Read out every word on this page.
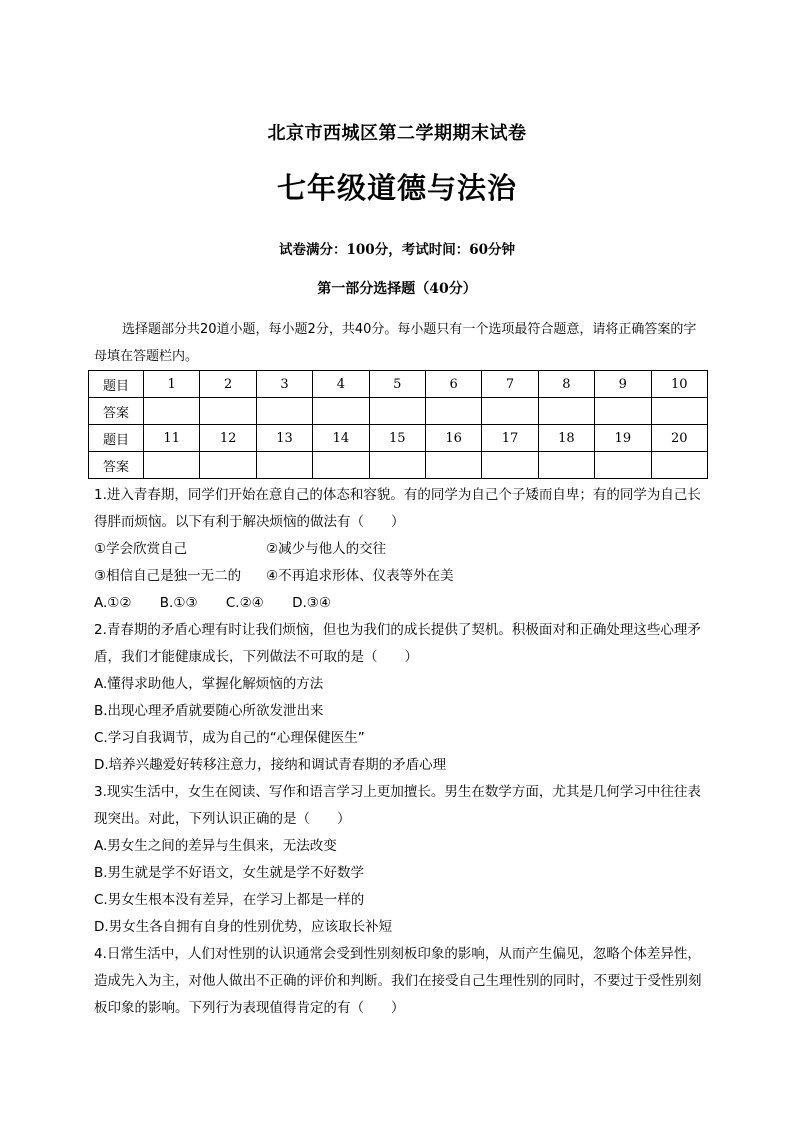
北京市西城区第二学期期末试卷
七年级道德与法治
试卷满分：100分，考试时间：60分钟
第一部分选择题（40分）
选择题部分共20道小题，每小题2分，共40分。每小题只有一个选项最符合题意，请将正确答案的字母填在答题栏内。
题目	1	2	3	4	5	6	7	8	9	10
答案										
题目	11	12	13	14	15	16	17	18	19	20
答案										

1.进入青春期，同学们开始在意自己的体态和容貌。有的同学为自己个子矮而自卑；有的同学为自己长得胖而烦恼。以下有利于解决烦恼的做法有（　　）

①学会欣赏自己	②减少与他人的交往
③相信自己是独一无二的	④不再追求形体、仪表等外在美
A.①② B.①③ C.②④ D.③④

2.青春期的矛盾心理有时让我们烦恼，但也为我们的成长提供了契机。积极面对和正确处理这些心理矛盾，我们才能健康成长，下列做法不可取的是（　　）

A.懂得求助他人，掌握化解烦恼的方法

B.出现心理矛盾就要随心所欲发泄出来

C.学习自我调节，成为自己的“心理保健医生”

D.培养兴趣爱好转移注意力，接纳和调试青春期的矛盾心理

3.现实生活中，女生在阅读、写作和语言学习上更加擅长。男生在数学方面，尤其是几何学习中往往表现突出。对此，下列认识正确的是（　　）

A.男女生之间的差异与生俱来，无法改变

B.男生就是学不好语文，女生就是学不好数学

C.男女生根本没有差异，在学习上都是一样的

D.男女生各自拥有自身的性别优势，应该取长补短

4.日常生活中，人们对性别的认识通常会受到性别刻板印象的影响，从而产生偏见，忽略个体差异性，造成先入为主，对他人做出不正确的评价和判断。我们在接受自己生理性别的同时，不要过于受性别刻板印象的影响。下列行为表现值得肯定的有（　　）
